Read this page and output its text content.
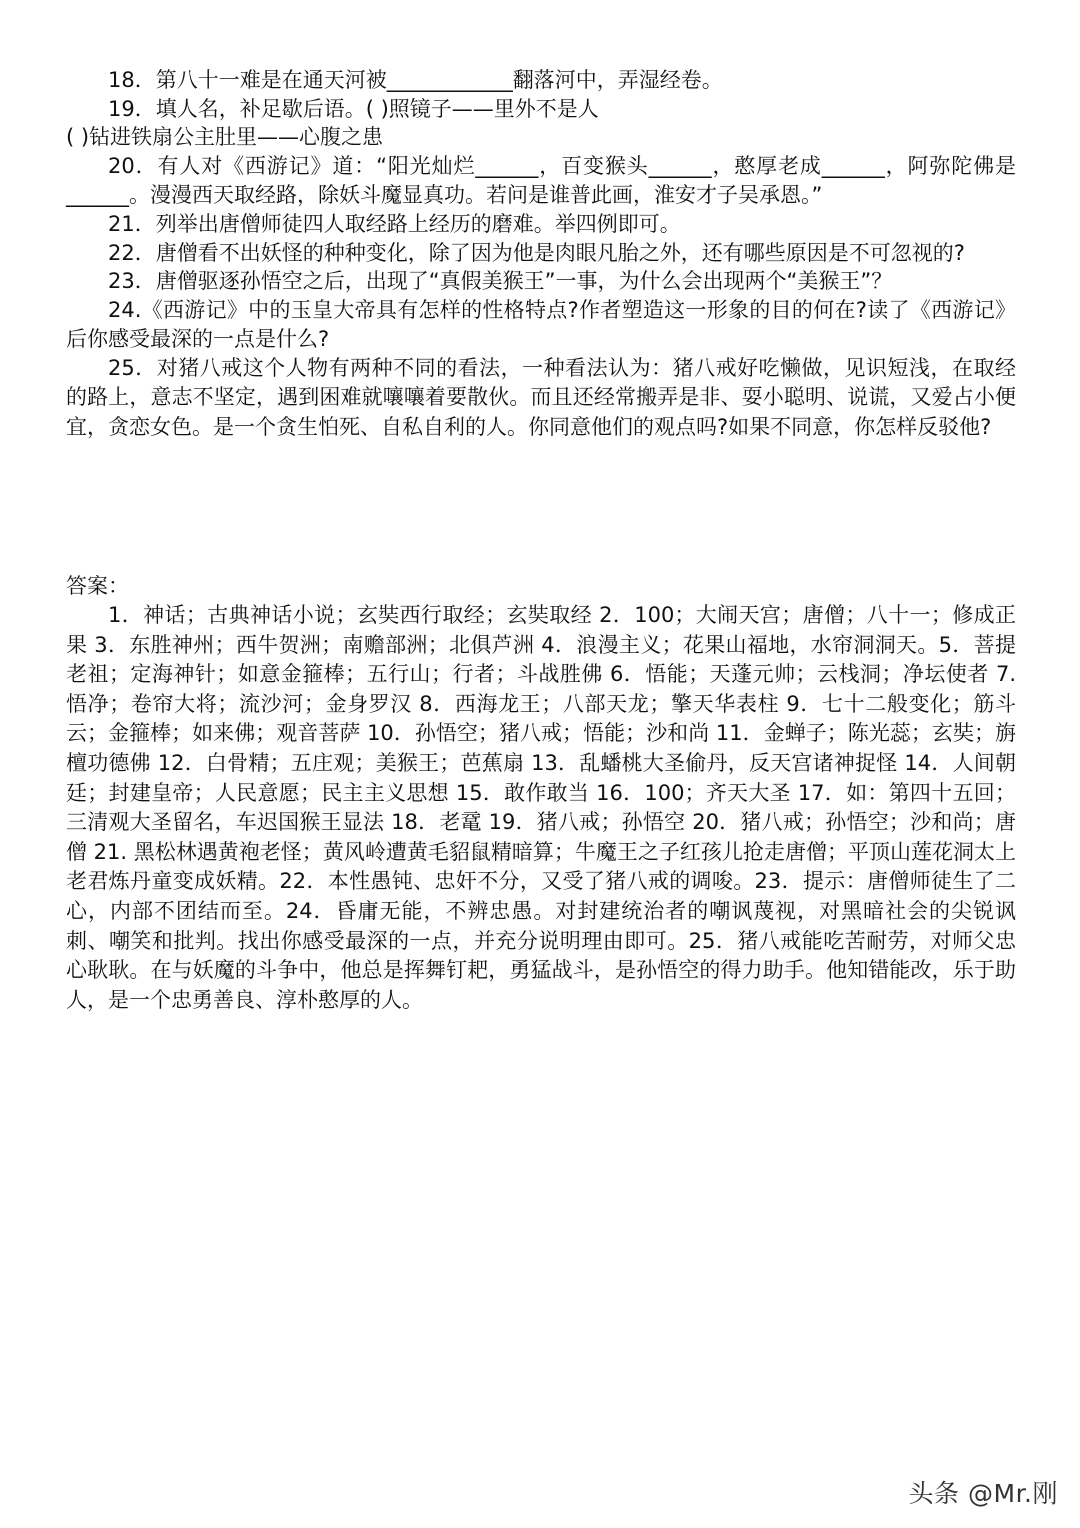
18．第八十一难是在通天河被____________翻落河中，弄湿经卷。

19．填人名，补足歇后语。( )照镜子——里外不是人

( )钻进铁扇公主肚里——心腹之患

20．有人对《西游记》道：“阳光灿烂______，百变猴头______，憨厚老成______，阿弥陀佛是______。漫漫西天取经路，除妖斗魔显真功。若问是谁普此画，淮安才子吴承恩。”

21．列举出唐僧师徒四人取经路上经历的磨难。举四例即可。

22．唐僧看不出妖怪的种种变化，除了因为他是肉眼凡胎之外，还有哪些原因是不可忽视的?

23．唐僧驱逐孙悟空之后，出现了“真假美猴王”一事，为什么会出现两个“美猴王”？

24.《西游记》中的玉皇大帝具有怎样的性格特点?作者塑造这一形象的目的何在?读了《西游记》后你感受最深的一点是什么?

25．对猪八戒这个人物有两种不同的看法，一种看法认为：猪八戒好吃懒做，见识短浅，在取经的路上，意志不坚定，遇到困难就嚷嚷着要散伙。而且还经常搬弄是非、耍小聪明、说谎，又爱占小便宜，贪恋女色。是一个贪生怕死、自私自利的人。你同意他们的观点吗?如果不同意，你怎样反驳他?

答案：

1．神话；古典神话小说；玄奘西行取经；玄奘取经 2．100；大闹天宫；唐僧；八十一；修成正果 3．东胜神州；西牛贺洲；南赡部洲；北俱芦洲 4．浪漫主义；花果山福地，水帘洞洞天。5．菩提老祖；定海神针；如意金箍棒；五行山；行者；斗战胜佛 6．悟能；天蓬元帅；云栈洞；净坛使者 7. 悟净；卷帘大将；流沙河；金身罗汉 8．西海龙王；八部天龙；擎天华表柱 9．七十二般变化；筋斗云；金箍棒；如来佛；观音菩萨 10．孙悟空；猪八戒；悟能；沙和尚 11．金蝉子；陈光蕊；玄奘；旃檀功德佛 12．白骨精；五庄观；美猴王；芭蕉扇 13．乱蟠桃大圣偷丹，反天宫诸神捉怪 14．人间朝廷；封建皇帝；人民意愿；民主主义思想 15．敢作敢当 16．100；齐天大圣 17．如：第四十五回；三清观大圣留名，车迟国猴王显法 18．老鼋 19．猪八戒；孙悟空 20．猪八戒；孙悟空；沙和尚；唐僧 21. 黑松林遇黄袍老怪；黄风岭遭黄毛貂鼠精暗算；牛魔王之子红孩儿抢走唐僧；平顶山莲花洞太上老君炼丹童变成妖精。22．本性愚钝、忠奸不分，又受了猪八戒的调唆。23．提示：唐僧师徒生了二心，内部不团结而至。24．昏庸无能，不辨忠愚。对封建统治者的嘲讽蔑视，对黑暗社会的尖锐讽刺、嘲笑和批判。找出你感受最深的一点，并充分说明理由即可。25．猪八戒能吃苦耐劳，对师父忠心耿耿。在与妖魔的斗争中，他总是挥舞钉耙，勇猛战斗，是孙悟空的得力助手。他知错能改，乐于助人，是一个忠勇善良、淳朴憨厚的人。

头条 @Mr.刚
